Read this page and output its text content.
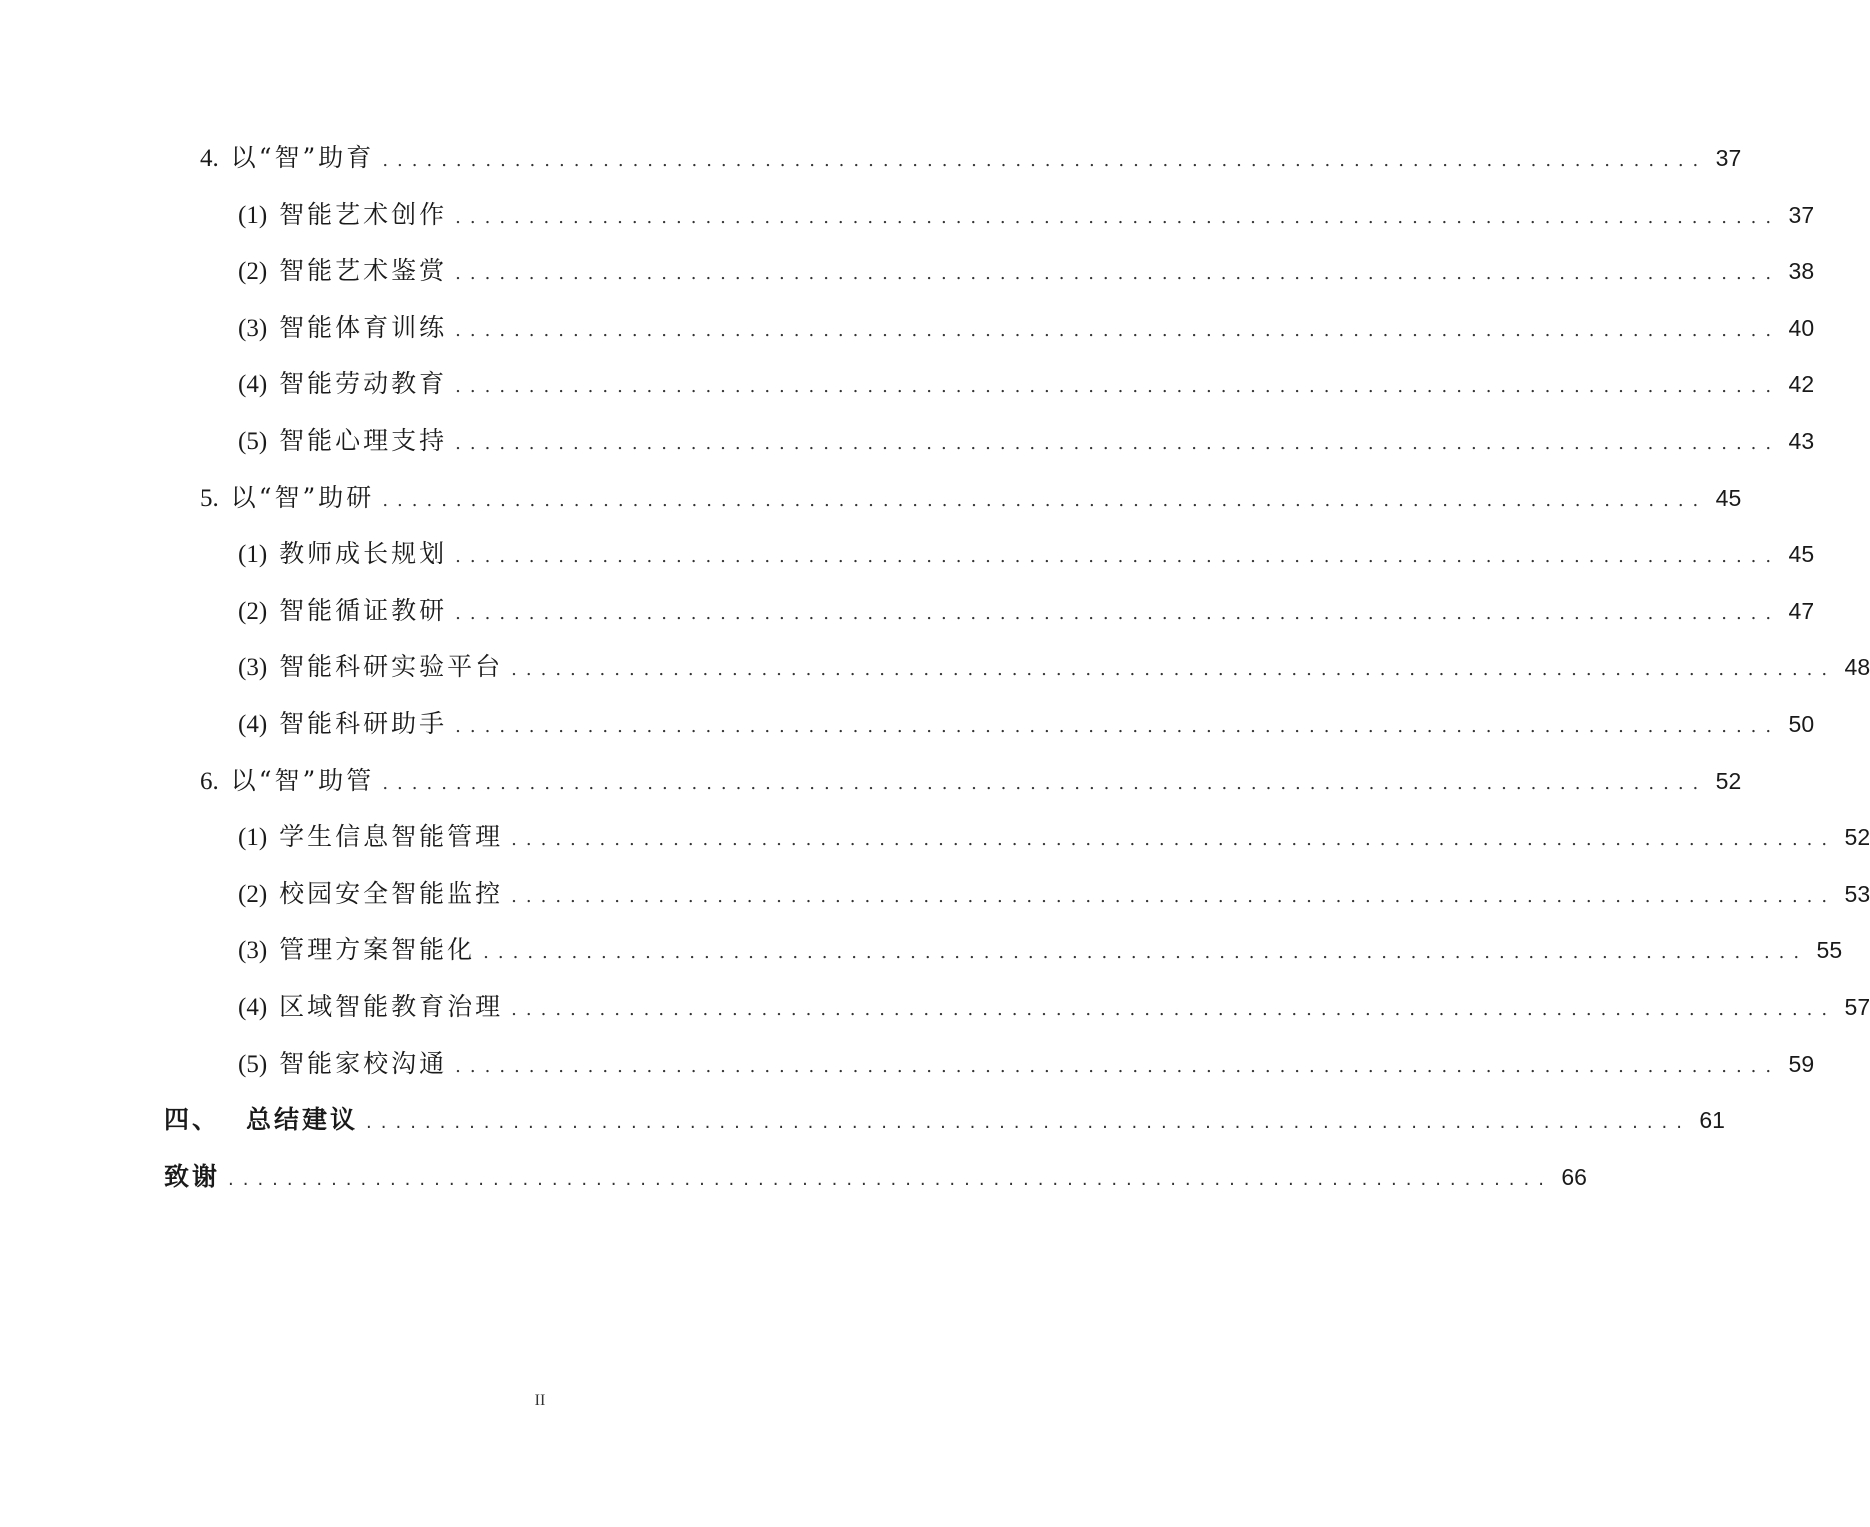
4. 以“智”助育 .......................................................................................... 37
(1) 智能艺术创作 .......................................................................................... 37
(2) 智能艺术鉴赏 .......................................................................................... 38
(3) 智能体育训练 .......................................................................................... 40
(4) 智能劳动教育 .......................................................................................... 42
(5) 智能心理支持 .......................................................................................... 43
5. 以“智”助研 .......................................................................................... 45
(1) 教师成长规划 .......................................................................................... 45
(2) 智能循证教研 .......................................................................................... 47
(3) 智能科研实验平台 .......................................................................................... 48
(4) 智能科研助手 .......................................................................................... 50
6. 以“智”助管 .......................................................................................... 52
(1) 学生信息智能管理 .......................................................................................... 52
(2) 校园安全智能监控 .......................................................................................... 53
(3) 管理方案智能化 .......................................................................................... 55
(4) 区域智能教育治理 .......................................................................................... 57
(5) 智能家校沟通 .......................................................................................... 59
四、 总结建议 .......................................................................................... 61
致谢 .......................................................................................... 66
II
